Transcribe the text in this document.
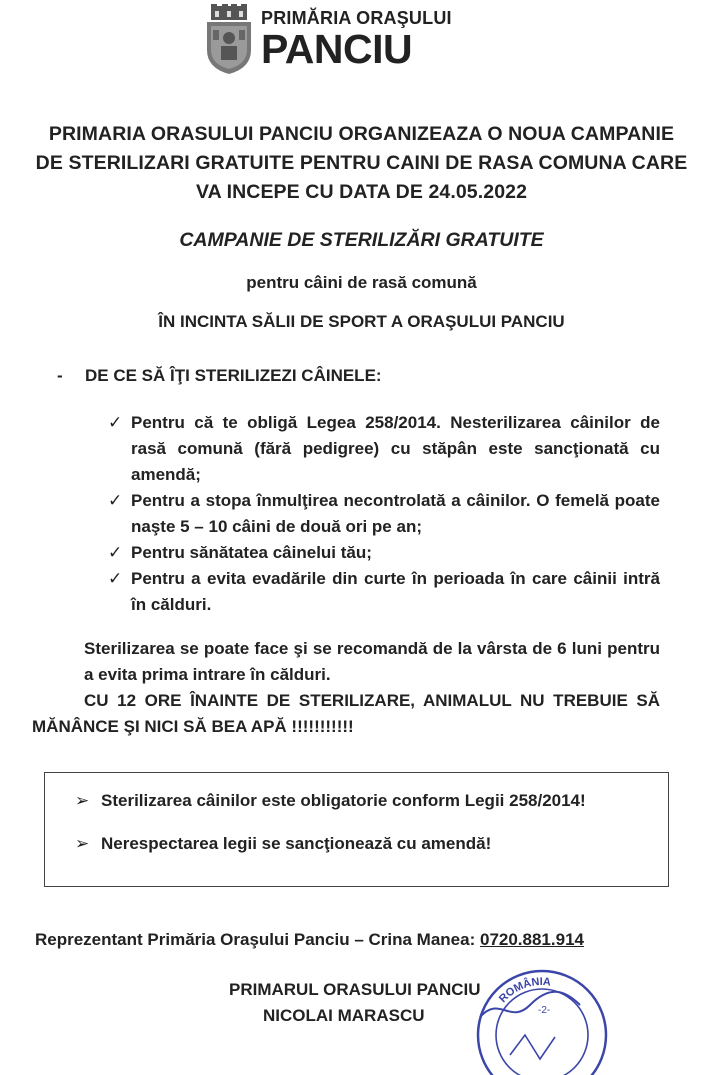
PRIMĂRIA ORAŞULUI
PANCIU
PRIMARIA ORASULUI PANCIU ORGANIZEAZA O NOUA CAMPANIE
DE STERILIZARI GRATUITE PENTRU CAINI DE RASA COMUNA CARE
VA INCEPE CU DATA DE 24.05.2022
CAMPANIE DE STERILIZĂRI GRATUITE
pentru câini de rasă comună
ÎN INCINTA SĂLII DE SPORT A ORAŞULUI PANCIU
- DE CE SĂ ÎŢI STERILIZEZI CÂINELE:
✓ Pentru că te obligă Legea 258/2014. Nesterilizarea câinilor de rasă comună (fără pedigree) cu stăpân este sancţionată cu amendă;
✓ Pentru a stopa înmulţirea necontrolată a câinilor. O femelă poate naşte 5 – 10 câini de două ori pe an;
✓ Pentru sănătatea câinelui tău;
✓ Pentru a evita evadările din curte în perioada în care câinii intră în călduri.
Sterilizarea se poate face şi se recomandă de la vârsta de 6 luni pentru a evita prima intrare în călduri.
CU 12 ORE ÎNAINTE DE STERILIZARE, ANIMALUL NU TREBUIE SĂ MĂNÂNCE ŞI NICI SĂ BEA APĂ !!!!!!!!!!!
➢ Sterilizarea câinilor este obligatorie conform Legii 258/2014!
➢ Nerespectarea legii se sancţionează cu amendă!
Reprezentant Primăria Oraşului Panciu – Crina Manea: 0720.881.914
ROMÂNIA
-2-
PRIMARUL ORASULUI PANCIU
NICOLAI MARASCU
